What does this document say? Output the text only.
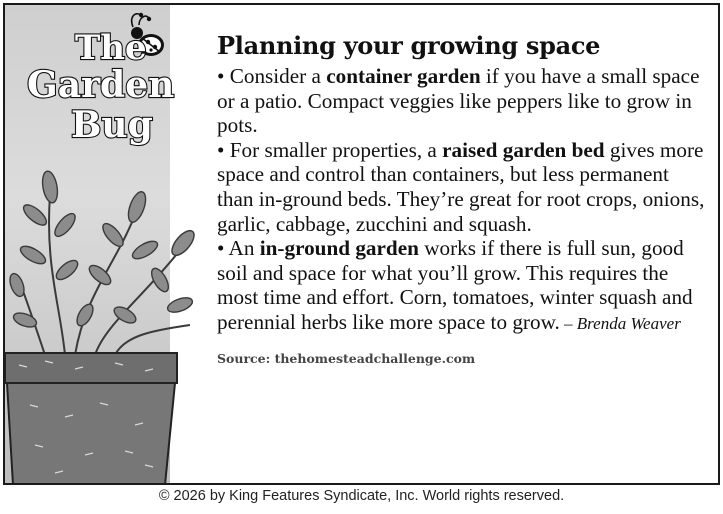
The
Garden
Bug
Planning your growing space

• Consider a container garden if you have a small space or a patio. Compact veggies like peppers like to grow in pots.

• For smaller properties, a raised garden bed gives more space and control than containers, but less permanent than in-ground beds. They’re great for root crops, onions, garlic, cabbage, zucchini and squash.

• An in-ground garden works if there is full sun, good soil and space for what you’ll grow. This requires the most time and effort. Corn, tomatoes, winter squash and perennial herbs like more space to grow. – Brenda Weaver

Source: thehomesteadchallenge.com
© 2026 by King Features Syndicate, Inc. World rights reserved.
